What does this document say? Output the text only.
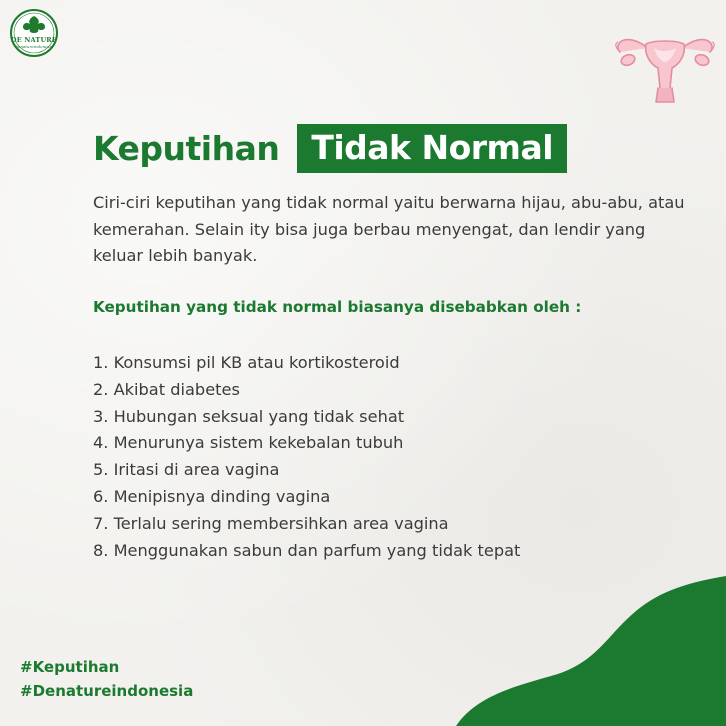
DE NATURE
Denatureindonesia
Keputihan Tidak Normal
Ciri-ciri keputihan yang tidak normal yaitu berwarna hijau, abu-abu, atau kemerahan. Selain ity bisa juga berbau menyengat, dan lendir yang keluar lebih banyak.
Keputihan yang tidak normal biasanya disebabkan oleh :
1. Konsumsi pil KB atau kortikosteroid
2. Akibat diabetes
3. Hubungan seksual yang tidak sehat
4. Menurunya sistem kekebalan tubuh
5. Iritasi di area vagina
6. Menipisnya dinding vagina
7. Terlalu sering membersihkan area vagina
8. Menggunakan sabun dan parfum yang tidak tepat
#Keputihan
#Denatureindonesia
